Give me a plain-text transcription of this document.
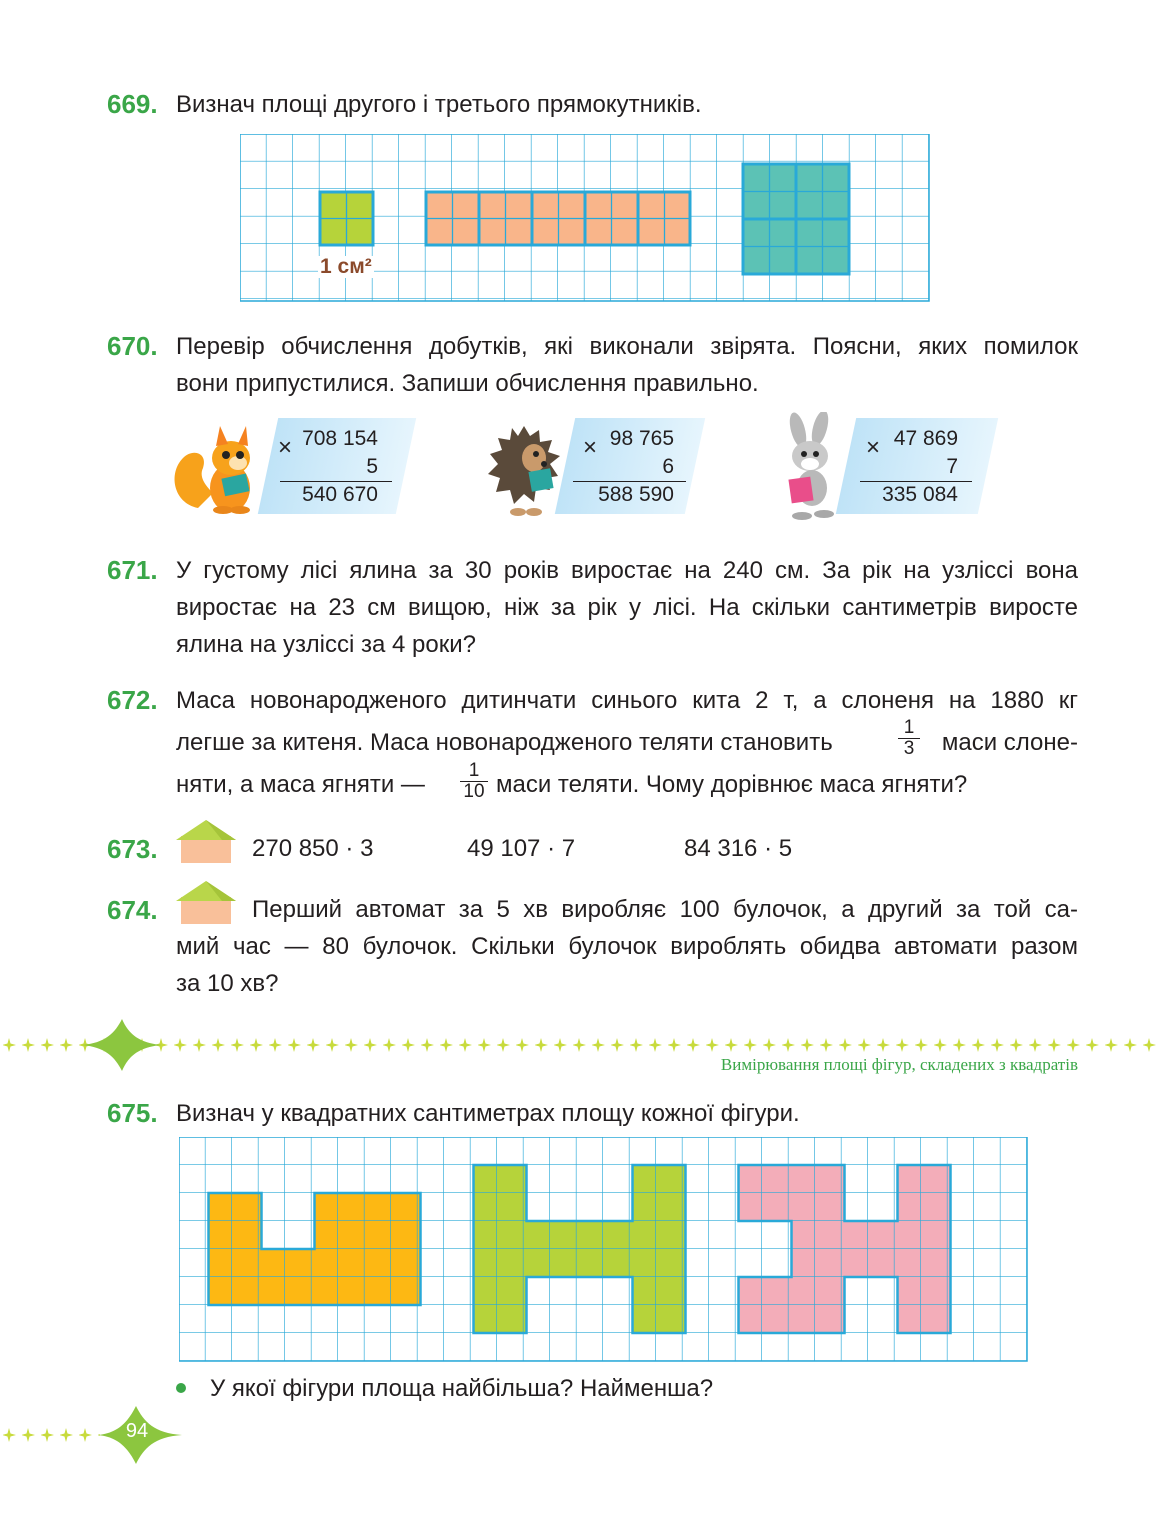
669. Визнач площі другого і третього прямокутників.
1 см²
670. Перевір обчислення добутків, які виконали звірята. Поясни, яких помилок
вони припустилися. Запиши обчислення правильно.
× 708 154
5
540 670
× 98 765
6
588 590
× 47 869
7
335 084
671. У густому лісі ялина за 30 років виростає на 240 см. За рік на узліссі вона
виростає на 23 см вищою, ніж за рік у лісі. На скільки сантиметрів виросте
ялина на узліссі за 4 роки?
672. Маса новонародженого дитинчати синього кита 2 т, а слоненя на 1880 кг
легше за китеня. Маса новонародженого теляти становить	$\frac{1}{3}$ маси слоне-
няти, а маса ягняти — $\frac{1}{10}$ маси теляти. Чому дорівнює маса ягняти?
673.	270 850 · 3	49 107 · 7	84 316 · 5
674.	Перший автомат за 5 хв виробляє 100 булочок, а другий за той са-
мий час — 80 булочок. Скільки булочок вироблять обидва автомати разом
за 10 хв?
Вимірювання площі фігур, складених з квадратів
675. Визнач у квадратних сантиметрах площу кожної фігури.
У якої фігури площа найбільша? Найменша?
94
